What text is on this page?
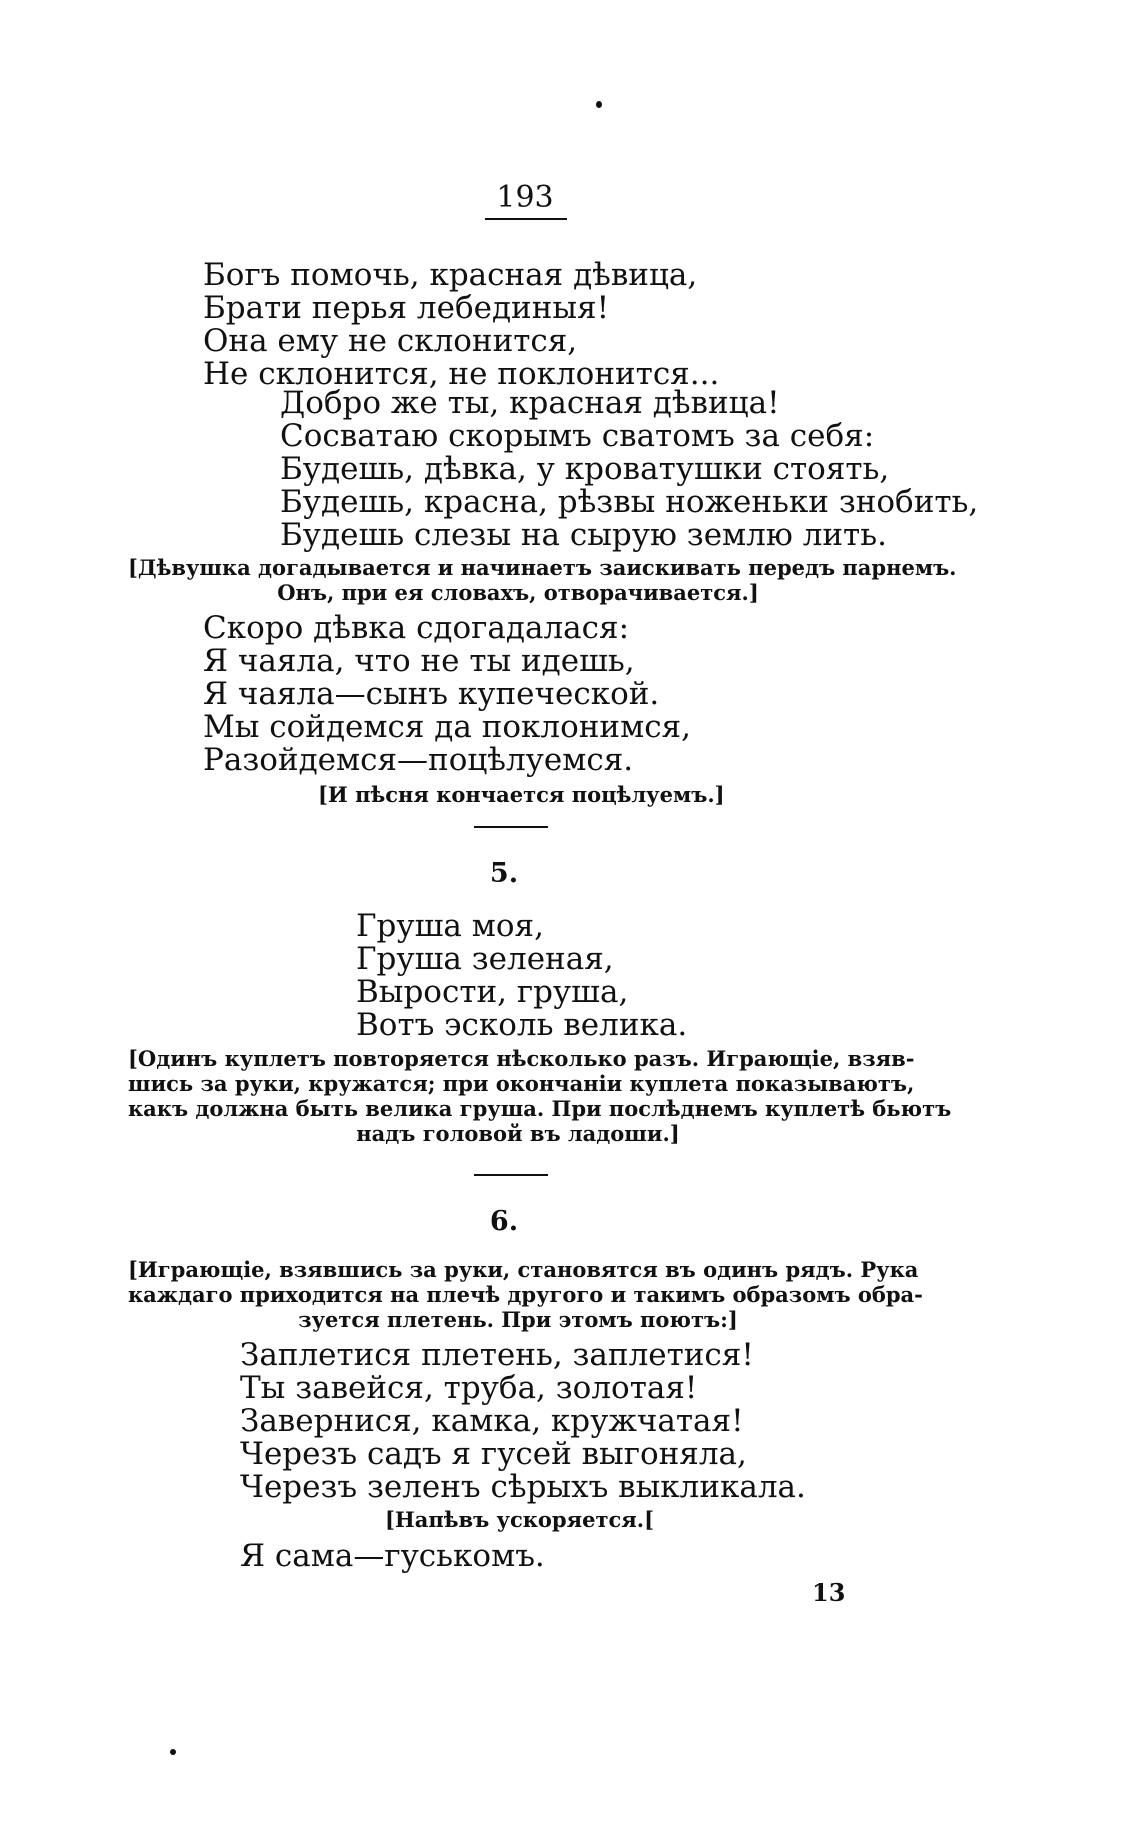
193
Богъ помочь, красная дѣвица,
Брати перья лебединыя!
Она ему не склонится,
Не склонится, не поклонится...
Добро же ты, красная дѣвица!
Сосватаю скорымъ сватомъ за себя:
Будешь, дѣвка, у кроватушки стоять,
Будешь, красна, рѣзвы ноженьки знобить,
Будешь слезы на сырую землю лить.
[Дѣвушка догадывается и начинаетъ заискивать передъ парнемъ.
Онъ, при ея словахъ, отворачивается.]
Скоро дѣвка сдогадалася:
Я чаяла, что не ты идешь,
Я чаяла—сынъ купеческой.
Мы сойдемся да поклонимся,
Разойдемся—поцѣлуемся.
[И пѣсня кончается поцѣлуемъ.]
5.
Груша моя,
Груша зеленая,
Выpости, груша,
Вотъ эсколь велика.
[Одинъ куплетъ повторяется нѣсколько разъ. Играющіе, взяв-
шись за руки, кружатся; при окончаніи куплета показываютъ,
какъ должна быть велика груша. При послѣднемъ куплетѣ бьютъ
надъ головой въ ладоши.]
6.
[Играющіе, взявшись за руки, становятся въ одинъ рядъ. Рука
каждаго приходится на плечѣ другого и такимъ образомъ обра-
зуется плетень. При этомъ поютъ:]
Заплетися плетень, заплетися!
Ты завейся, труба, золотая!
Завернися, камка, кружчатая!
Черезъ садъ я гусей выгоняла,
Черезъ зеленъ сѣрыхъ выкликала.
[Напѣвъ ускоряется.[
Я сама—гуськомъ.
13
